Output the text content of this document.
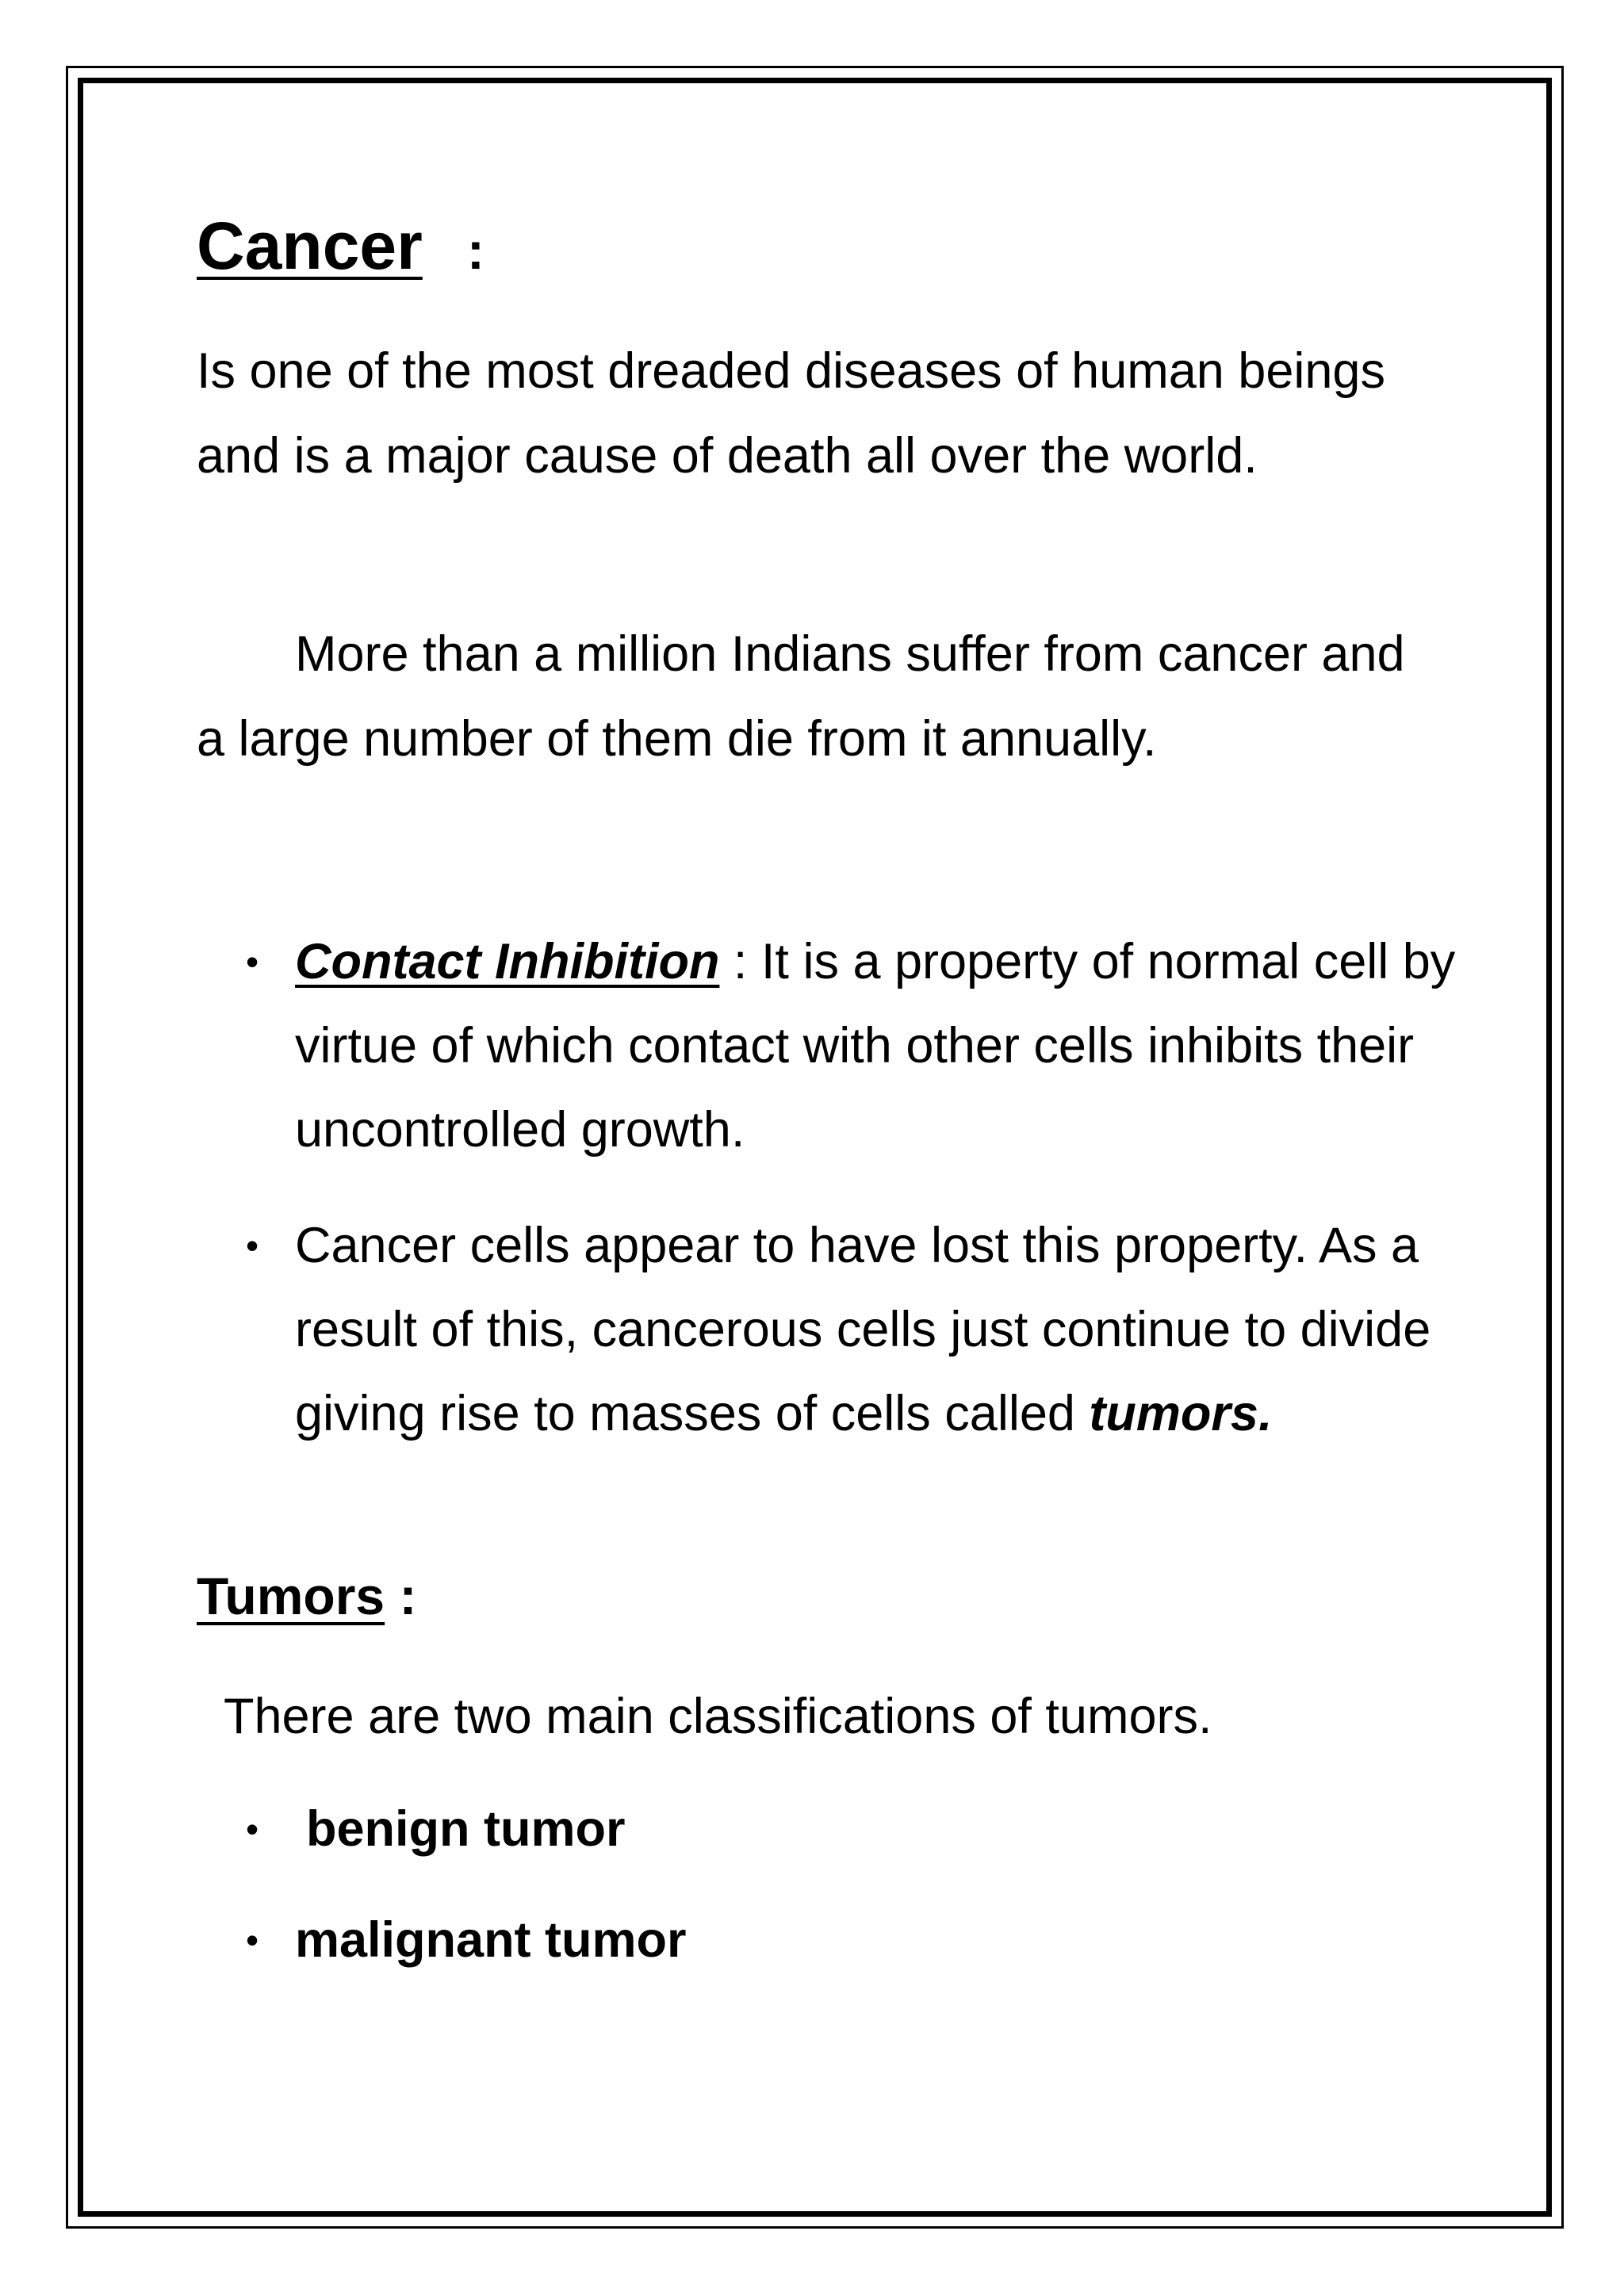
Cancer :
Is one of the most dreaded diseases of human beings and is a major cause of death all over the world.
More than a million Indians suffer from cancer and a large number of them die from it annually.
• Contact Inhibition : It is a property of normal cell by virtue of which contact with other cells inhibits their uncontrolled growth.
• Cancer cells appear to have lost this property. As a result of this, cancerous cells just continue to divide giving rise to masses of cells called tumors.
Tumors :
There are two main classifications of tumors.
• benign tumor
• malignant tumor
